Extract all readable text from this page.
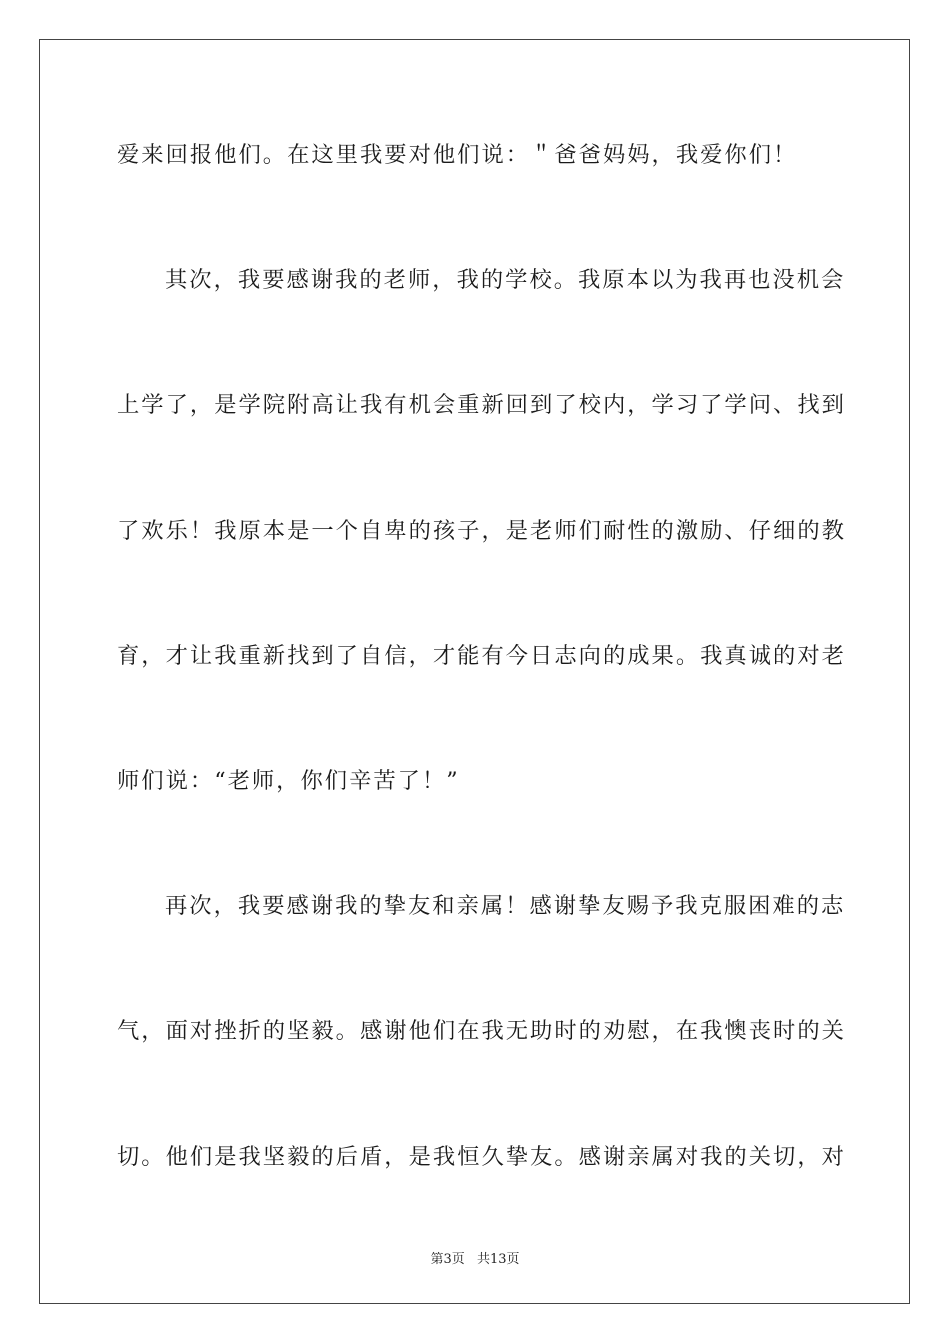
爱来回报他们。在这里我要对他们说：＂爸爸妈妈，我爱你们！
其次，我要感谢我的老师，我的学校。我原本以为我再也没机会
上学了，是学院附高让我有机会重新回到了校内，学习了学问、找到
了欢乐！我原本是一个自卑的孩子，是老师们耐性的激励、仔细的教
育，才让我重新找到了自信，才能有今日志向的成果。我真诚的对老
师们说：“老师，你们辛苦了！”
再次，我要感谢我的挚友和亲属！感谢挚友赐予我克服困难的志
气，面对挫折的坚毅。感谢他们在我无助时的劝慰，在我懊丧时的关
切。他们是我坚毅的后盾，是我恒久挚友。感谢亲属对我的关切，对
第3页 共13页
